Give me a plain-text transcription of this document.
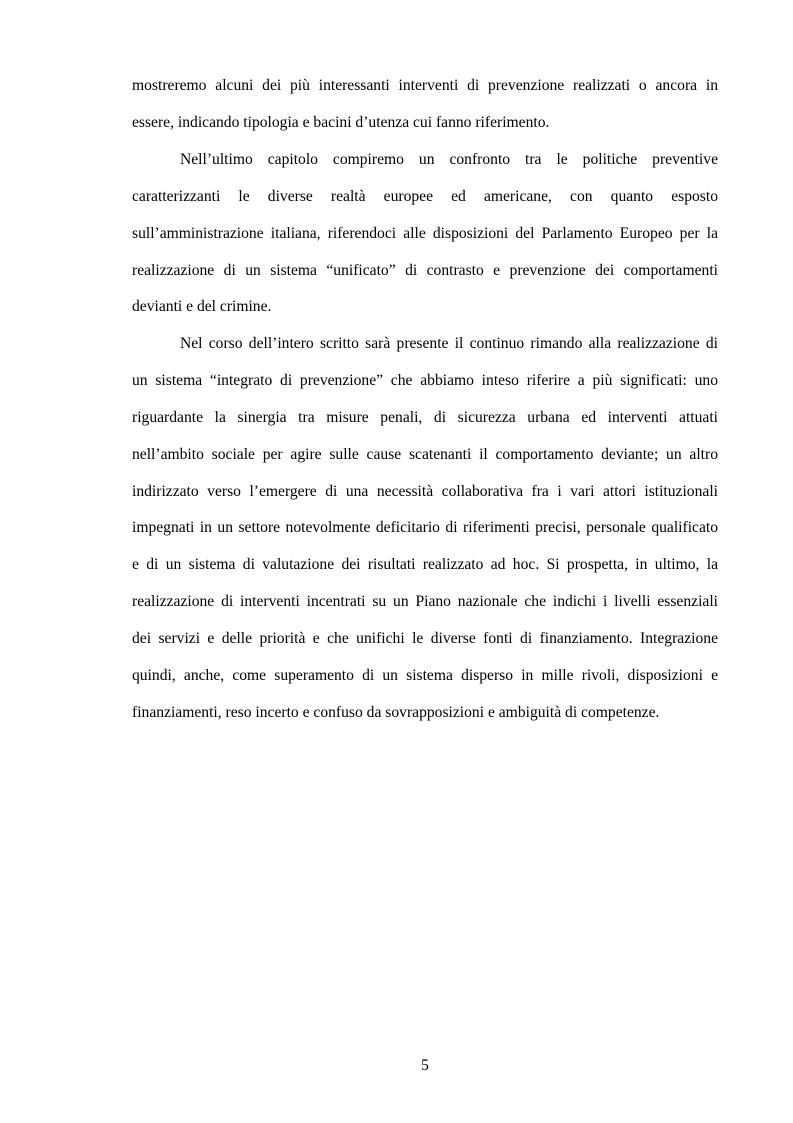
mostreremo alcuni dei più interessanti interventi di prevenzione realizzati o ancora in
essere, indicando tipologia e bacini d’utenza cui fanno riferimento.
Nell’ultimo capitolo compiremo un confronto tra le politiche preventive
caratterizzanti le diverse realtà europee ed americane, con quanto esposto
sull’amministrazione italiana, riferendoci alle disposizioni del Parlamento Europeo per la
realizzazione di un sistema “unificato” di contrasto e prevenzione dei comportamenti
devianti e del crimine.
Nel corso dell’intero scritto sarà presente il continuo rimando alla realizzazione di
un sistema “integrato di prevenzione” che abbiamo inteso riferire a più significati: uno
riguardante la sinergia tra misure penali, di sicurezza urbana ed interventi attuati
nell’ambito sociale per agire sulle cause scatenanti il comportamento deviante; un altro
indirizzato verso l’emergere di una necessità collaborativa fra i vari attori istituzionali
impegnati in un settore notevolmente deficitario di riferimenti precisi, personale qualificato
e di un sistema di valutazione dei risultati realizzato ad hoc. Si prospetta, in ultimo, la
realizzazione di interventi incentrati su un Piano nazionale che indichi i livelli essenziali
dei servizi e delle priorità e che unifichi le diverse fonti di finanziamento. Integrazione
quindi, anche, come superamento di un sistema disperso in mille rivoli, disposizioni e
finanziamenti, reso incerto e confuso da sovrapposizioni e ambiguità di competenze.
5
